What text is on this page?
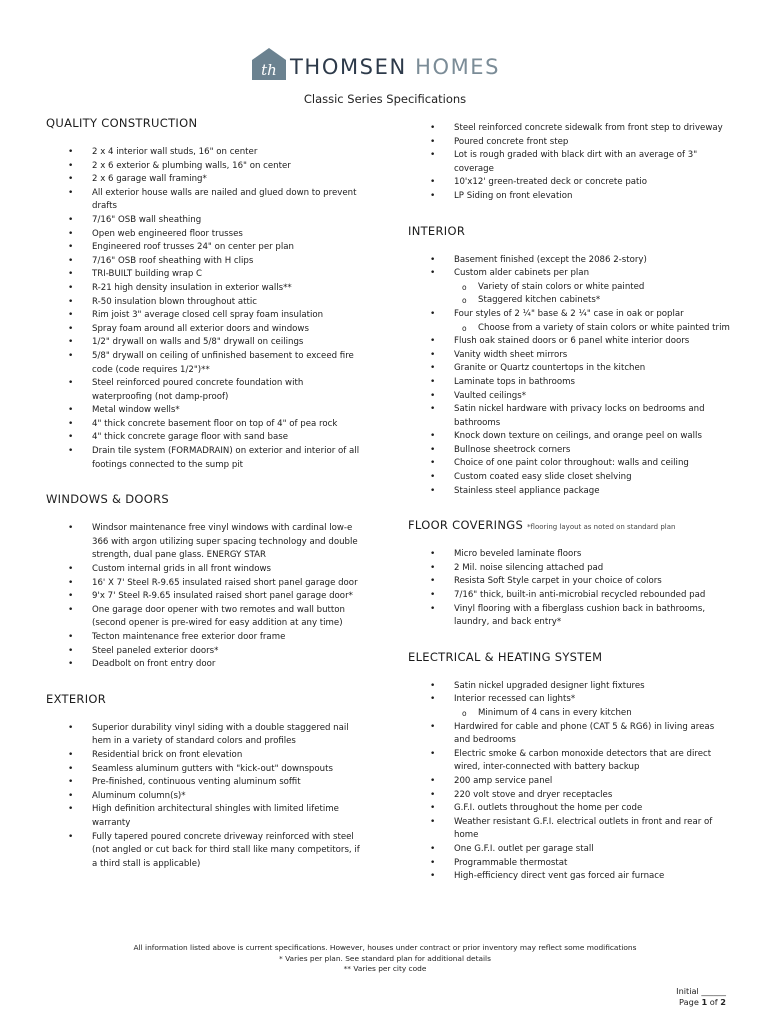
th THOMSEN HOMES
Classic Series Specifications
QUALITY CONSTRUCTION
• 2 x 4 interior wall studs, 16" on center
• 2 x 6 exterior & plumbing walls, 16" on center
• 2 x 6 garage wall framing*
• All exterior house walls are nailed and glued down to prevent drafts
• 7/16" OSB wall sheathing
• Open web engineered floor trusses
• Engineered roof trusses 24" on center per plan
• 7/16" OSB roof sheathing with H clips
• TRI-BUILT building wrap C
• R-21 high density insulation in exterior walls**
• R-50 insulation blown throughout attic
• Rim joist 3" average closed cell spray foam insulation
• Spray foam around all exterior doors and windows
• 1/2" drywall on walls and 5/8" drywall on ceilings
• 5/8" drywall on ceiling of unfinished basement to exceed fire code (code requires 1/2")**
• Steel reinforced poured concrete foundation with waterproofing (not damp-proof)
• Metal window wells*
• 4" thick concrete basement floor on top of 4" of pea rock
• 4" thick concrete garage floor with sand base
• Drain tile system (FORMADRAIN) on exterior and interior of all footings connected to the sump pit
WINDOWS & DOORS
• Windsor maintenance free vinyl windows with cardinal low-e 366 with argon utilizing super spacing technology and double strength, dual pane glass. ENERGY STAR
• Custom internal grids in all front windows
• 16' X 7' Steel R-9.65 insulated raised short panel garage door
• 9'x 7' Steel R-9.65 insulated raised short panel garage door*
• One garage door opener with two remotes and wall button (second opener is pre-wired for easy addition at any time)
• Tecton maintenance free exterior door frame
• Steel paneled exterior doors*
• Deadbolt on front entry door
EXTERIOR
• Superior durability vinyl siding with a double staggered nail hem in a variety of standard colors and profiles
• Residential brick on front elevation
• Seamless aluminum gutters with "kick-out" downspouts
• Pre-finished, continuous venting aluminum soffit
• Aluminum column(s)*
• High definition architectural shingles with limited lifetime warranty
• Fully tapered poured concrete driveway reinforced with steel (not angled or cut back for third stall like many competitors, if a third stall is applicable)
• Steel reinforced concrete sidewalk from front step to driveway
• Poured concrete front step
• Lot is rough graded with black dirt with an average of 3" coverage
• 10'x12' green-treated deck or concrete patio
• LP Siding on front elevation
INTERIOR
• Basement finished (except the 2086 2-story)
• Custom alder cabinets per plan
o Variety of stain colors or white painted
o Staggered kitchen cabinets*
• Four styles of 2 ¼" base & 2 ¼" case in oak or poplar
o Choose from a variety of stain colors or white painted trim
• Flush oak stained doors or 6 panel white interior doors
• Vanity width sheet mirrors
• Granite or Quartz countertops in the kitchen
• Laminate tops in bathrooms
• Vaulted ceilings*
• Satin nickel hardware with privacy locks on bedrooms and bathrooms
• Knock down texture on ceilings, and orange peel on walls
• Bullnose sheetrock corners
• Choice of one paint color throughout: walls and ceiling
• Custom coated easy slide closet shelving
• Stainless steel appliance package
FLOOR COVERINGS *flooring layout as noted on standard plan
• Micro beveled laminate floors
• 2 Mil. noise silencing attached pad
• Resista Soft Style carpet in your choice of colors
• 7/16" thick, built-in anti-microbial recycled rebounded pad
• Vinyl flooring with a fiberglass cushion back in bathrooms, laundry, and back entry*
ELECTRICAL & HEATING SYSTEM
• Satin nickel upgraded designer light fixtures
• Interior recessed can lights*
o Minimum of 4 cans in every kitchen
• Hardwired for cable and phone (CAT 5 & RG6) in living areas and bedrooms
• Electric smoke & carbon monoxide detectors that are direct wired, inter-connected with battery backup
• 200 amp service panel
• 220 volt stove and dryer receptacles
• G.F.I. outlets throughout the home per code
• Weather resistant G.F.I. electrical outlets in front and rear of home
• One G.F.I. outlet per garage stall
• Programmable thermostat
• High-efficiency direct vent gas forced air furnace
All information listed above is current specifications. However, houses under contract or prior inventory may reflect some modifications
* Varies per plan. See standard plan for additional details
** Varies per city code
Initial ______
Page 1 of 2
